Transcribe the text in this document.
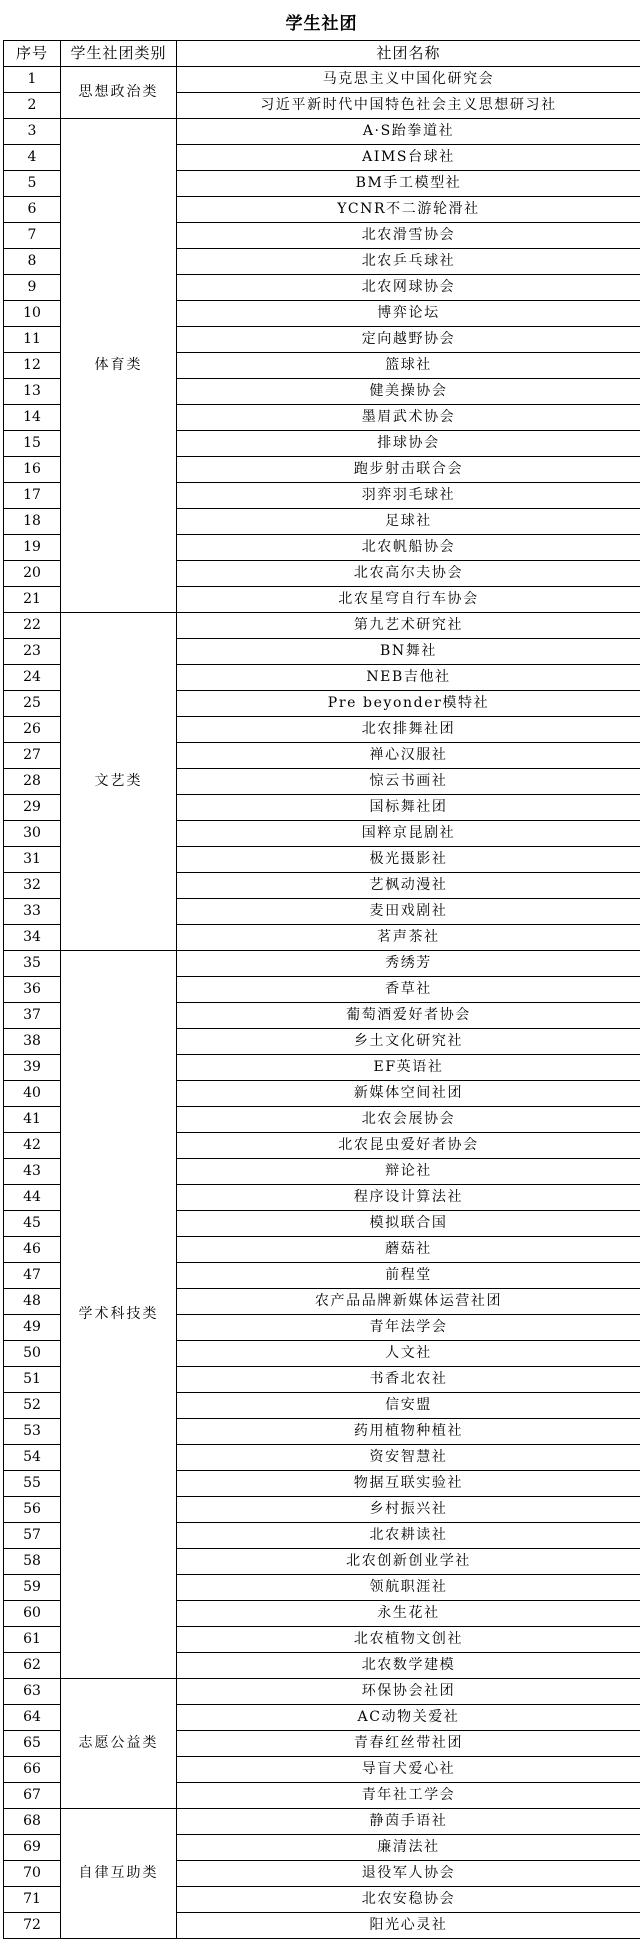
学生社团
序号	学生社团类别	社团名称
1	思想政治类	马克思主义中国化研究会
2		习近平新时代中国特色社会主义思想研习社
3	体育类	A·S跆拳道社
4		AIMS台球社
5		BM手工模型社
6		YCNR不二游轮滑社
7		北农滑雪协会
8		北农乒乓球社
9		北农网球协会
10		博弈论坛
11		定向越野协会
12		篮球社
13		健美操协会
14		墨眉武术协会
15		排球协会
16		跑步射击联合会
17		羽弈羽毛球社
18		足球社
19		北农帆船协会
20		北农高尔夫协会
21		北农星穹自行车协会
22	文艺类	第九艺术研究社
23		BN舞社
24		NEB吉他社
25		Pre beyonder模特社
26		北农排舞社团
27		禅心汉服社
28		惊云书画社
29		国标舞社团
30		国粹京昆剧社
31		极光摄影社
32		艺枫动漫社
33		麦田戏剧社
34		茗声茶社
35	学术科技类	秀绣芳
36		香草社
37		葡萄酒爱好者协会
38		乡土文化研究社
39		EF英语社
40		新媒体空间社团
41		北农会展协会
42		北农昆虫爱好者协会
43		辩论社
44		程序设计算法社
45		模拟联合国
46		蘑菇社
47		前程堂
48		农产品品牌新媒体运营社团
49		青年法学会
50		人文社
51		书香北农社
52		信安盟
53		药用植物种植社
54		资安智慧社
55		物据互联实验社
56		乡村振兴社
57		北农耕读社
58		北农创新创业学社
59		领航职涯社
60		永生花社
61		北农植物文创社
62		北农数学建模
63	志愿公益类	环保协会社团
64		AC动物关爱社
65		青春红丝带社团
66		导盲犬爱心社
67		青年社工学会
68	自律互助类	静茵手语社
69		廉清法社
70		退役军人协会
71		北农安稳协会
72		阳光心灵社
